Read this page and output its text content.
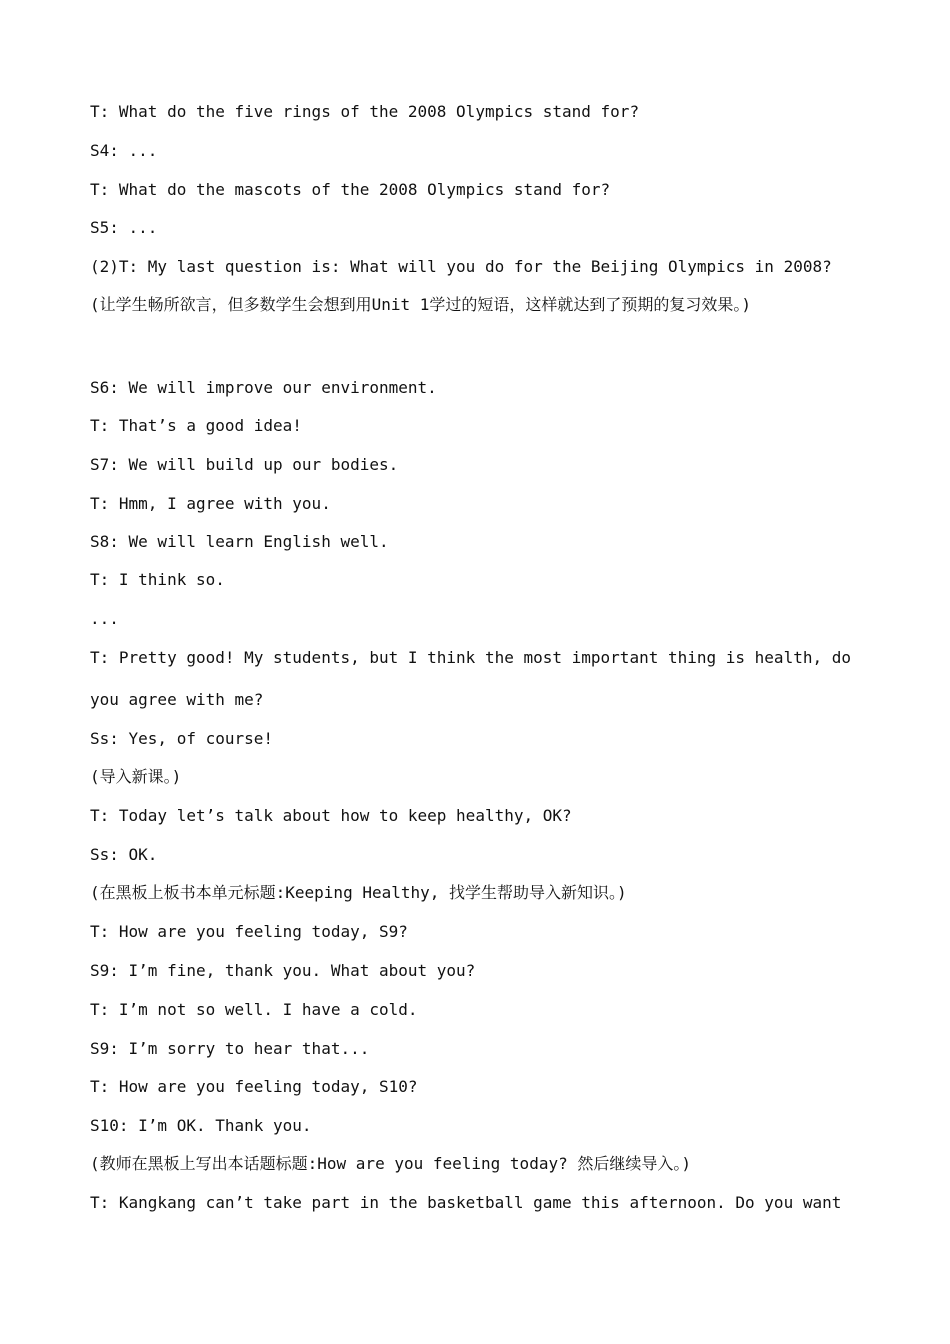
T: What do the five rings of the 2008 Olympics stand for?

S4: ...

T: What do the mascots of the 2008 Olympics stand for?

S5: ...

(2)T: My last question is: What will you do for the Beijing Olympics in 2008?

(让学生畅所欲言，但多数学生会想到用Unit 1学过的短语，这样就达到了预期的复习效果。)

S6: We will improve our environment.

T: That’s a good idea!

S7: We will build up our bodies.

T: Hmm, I agree with you.

S8: We will learn English well.

T: I think so.

...

T: Pretty good! My students, but I think the most important thing is health, do you agree with me?

Ss: Yes, of course!

(导入新课。)

T: Today let’s talk about how to keep healthy, OK?

Ss: OK.

(在黑板上板书本单元标题:Keeping Healthy, 找学生帮助导入新知识。)

T: How are you feeling today, S9?

S9: I’m fine, thank you. What about you?

T: I’m not so well. I have a cold.

S9: I’m sorry to hear that...

T: How are you feeling today, S10?

S10: I’m OK. Thank you.

(教师在黑板上写出本话题标题:How are you feeling today? 然后继续导入。)

T: Kangkang can’t take part in the basketball game this afternoon. Do you want
